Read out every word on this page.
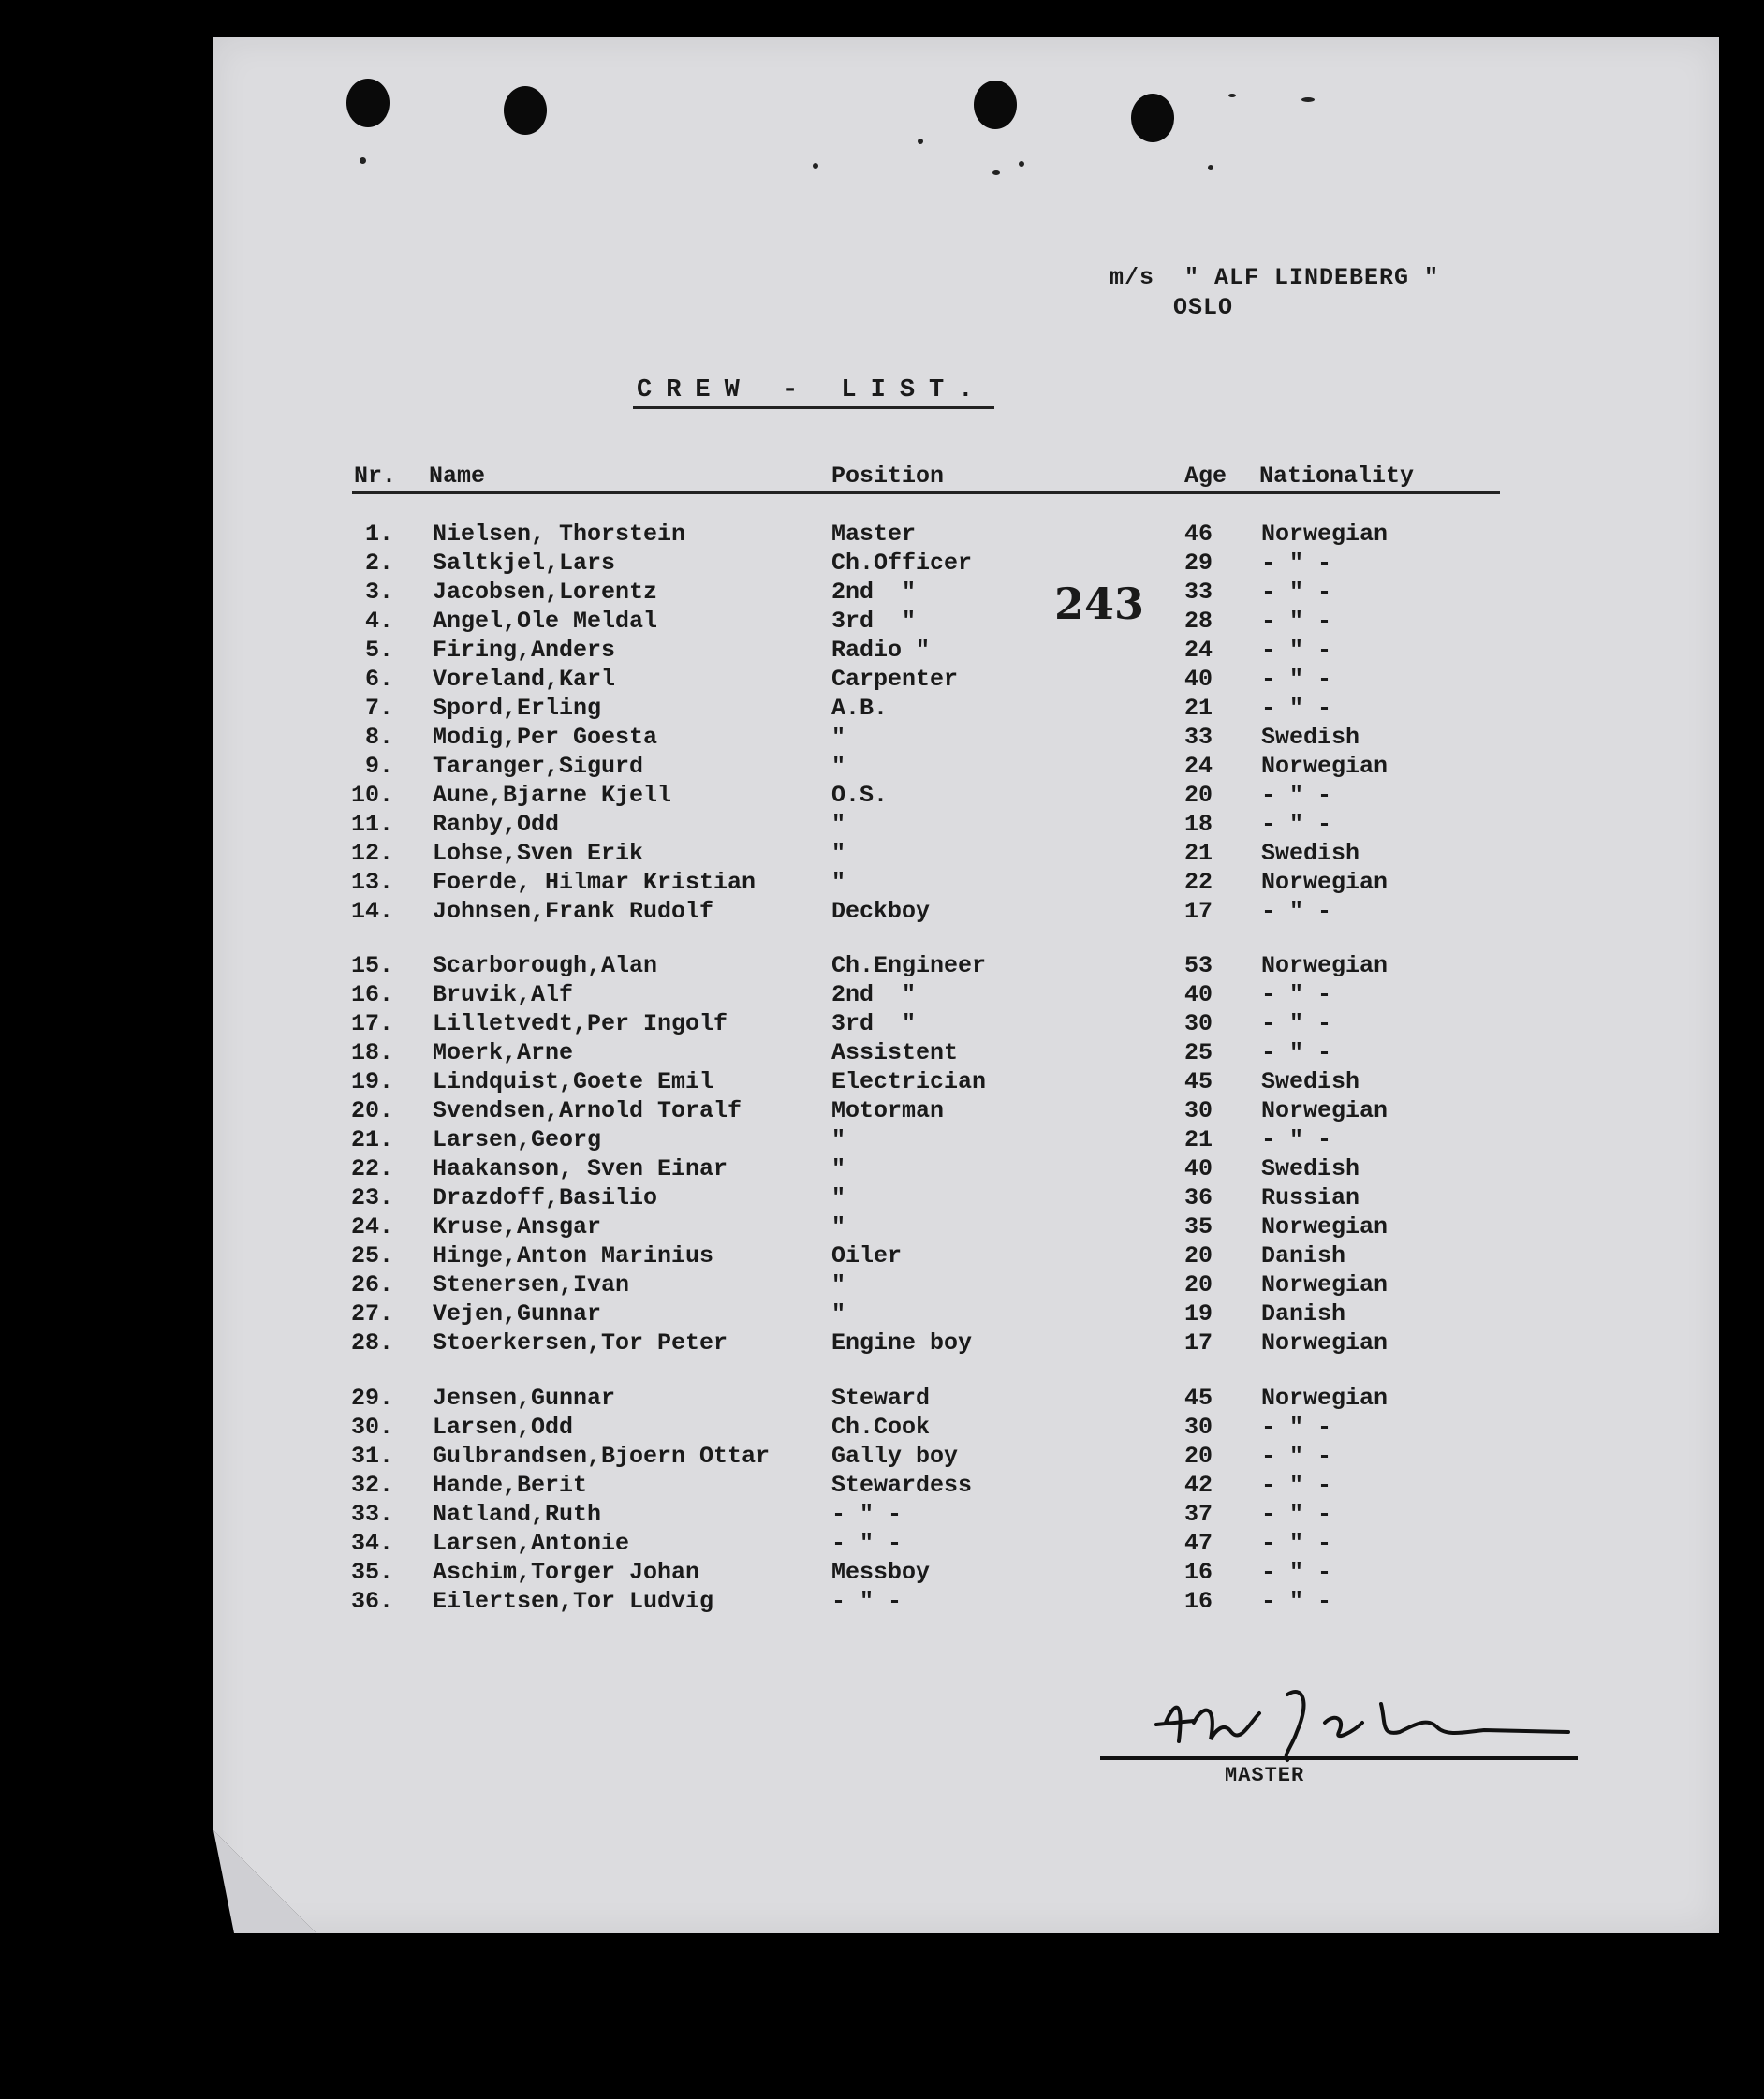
m/s  " ALF LINDEBERG "
OSLO
CREW - LIST.
Nr. Name	Position	Age Nationality
243
1. Nielsen, Thorstein	Master	46	Norwegian
2. Saltkjel,Lars	Ch.Officer	29	- " -
3. Jacobsen,Lorentz	2nd  "	33	- " -
4. Angel,Ole Meldal	3rd  "	28	- " -
5. Firing,Anders	Radio "	24	- " -
6. Voreland,Karl	Carpenter	40	- " -
7. Spord,Erling	A.B.	21	- " -
8. Modig,Per Goesta	"	33	Swedish
9. Taranger,Sigurd	"	24	Norwegian
10. Aune,Bjarne Kjell	O.S.	20	- " -
11. Ranby,Odd	"	18	- " -
12. Lohse,Sven Erik	"	21	Swedish
13. Foerde, Hilmar Kristian	"	22	Norwegian
14. Johnsen,Frank Rudolf	Deckboy	17	- " -
15. Scarborough,Alan	Ch.Engineer	53	Norwegian
16. Bruvik,Alf	2nd  "	40	- " -
17. Lilletvedt,Per Ingolf	3rd  "	30	- " -
18. Moerk,Arne	Assistent	25	- " -
19. Lindquist,Goete Emil	Electrician	45	Swedish
20. Svendsen,Arnold Toralf	Motorman	30	Norwegian
21. Larsen,Georg	"	21	- " -
22. Haakanson, Sven Einar	"	40	Swedish
23. Drazdoff,Basilio	"	36	Russian
24. Kruse,Ansgar	"	35	Norwegian
25. Hinge,Anton Marinius	Oiler	20	Danish
26. Stenersen,Ivan	"	20	Norwegian
27. Vejen,Gunnar	"	19	Danish
28. Stoerkersen,Tor Peter	Engine boy	17	Norwegian
29. Jensen,Gunnar	Steward	45	Norwegian
30. Larsen,Odd	Ch.Cook	30	- " -
31. Gulbrandsen,Bjoern Ottar	Gally boy	20	- " -
32. Hande,Berit	Stewardess	42	- " -
33. Natland,Ruth	- " -	37	- " -
34. Larsen,Antonie	- " -	47	- " -
35. Aschim,Torger Johan	Messboy	16	- " -
36. Eilertsen,Tor Ludvig	- " -	16	- " -
MASTER
